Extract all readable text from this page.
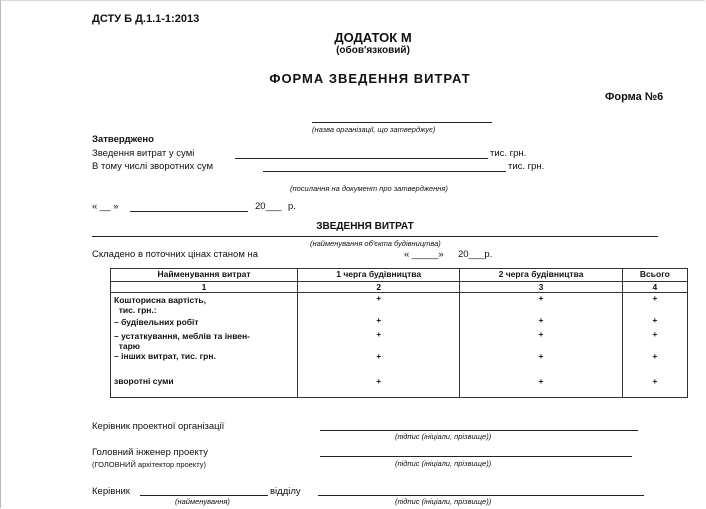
ДСТУ Б Д.1.1-1:2013
ДОДАТОК М
(обов'язковий)
ФОРМА ЗВЕДЕННЯ ВИТРАТ
Форма №6
(назва організації, що затверджує)
Затверджено
Зведення витрат у сумі	тис. грн.
В тому числі зворотних сум	тис. грн.
(посилання на документ про затвердження)
« __ »	20___ р.
ЗВЕДЕННЯ ВИТРАТ
(найменування об'єкта будівництва)
Складено в поточних цінах станом на	« _____» 20___р.
Найменування витрат	1 черга будівництва	2 черга будівництва	Всього
1	2	3	4
Кошторисна вартість,
тис. грн.:	+	+	+
– будівельних робіт	+	+	+
– устаткування, меблів та інвен-
тарю	+	+	+
– інших витрат, тис. грн.	+	+	+
зворотні суми	+	+	+
Керівник проектної організації
(підпис (ініціали, прізвище))
Головний інженер проекту
(ГОЛОВНИЙ архітектор проекту)	(підпис (ініціали, прізвище))
Керівник	відділу
(найменування)	(підпис (ініціали, прізвище))
